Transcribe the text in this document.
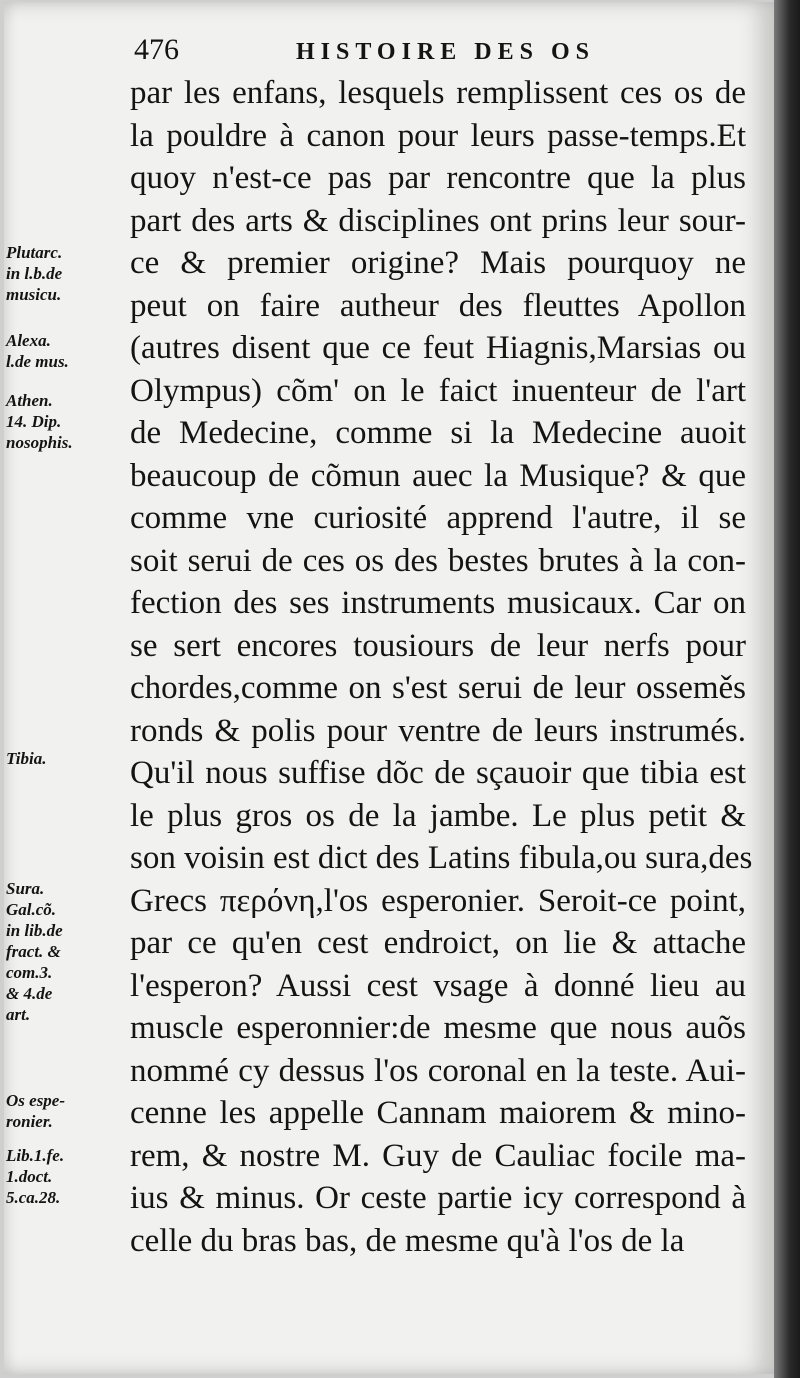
476	HISTOIRE DES OS
par les enfans, lesquels remplissent ces os de
la pouldre à canon pour leurs passe-temps.Et
quoy n'est-ce pas par rencontre que la plus
part des arts & disciplines ont prins leur sour-
ce & premier origine? Mais pourquoy ne
peut on faire autheur des fleuttes Apollon
(autres disent que ce feut Hiagnis,Marsias ou
Olympus) cõm' on le faict inuenteur de l'art
de Medecine, comme si la Medecine auoit
beaucoup de cõmun auec la Musique? & que
comme vne curiosité apprend l'autre, il se
soit serui de ces os des bestes brutes à la con-
fection des ses instruments musicaux. Car on
se sert encores tousiours de leur nerfs pour
chordes,comme on s'est serui de leur osseměs
ronds & polis pour ventre de leurs instrumés.
Qu'il nous suffise dõc de sçauoir que tibia est
le plus gros os de la jambe. Le plus petit &
son voisin est dict des Latins fibula,ou sura,des
Grecs περόνη,l'os esperonier. Seroit-ce point,
par ce qu'en cest endroict, on lie & attache
l'esperon? Aussi cest vsage à donné lieu au
muscle esperonnier:de mesme que nous auõs
nommé cy dessus l'os coronal en la teste. Aui-
cenne les appelle Cannam maiorem & mino-
rem, & nostre M. Guy de Cauliac focile ma-
ius & minus. Or ceste partie icy correspond à
celle du bras bas, de mesme qu'à l'os de la
Plutarc.
in l.b.de
musicu.
Alexa.
l.de mus.
Athen.
14. Dip.
nosophis.
Tibia.
Sura.
Gal.cõ.
in lib.de
fract. &
com.3.
& 4.de
art.
Os espe-
ronier.
Lib.1.fe.
1.doct.
5.ca.28.
